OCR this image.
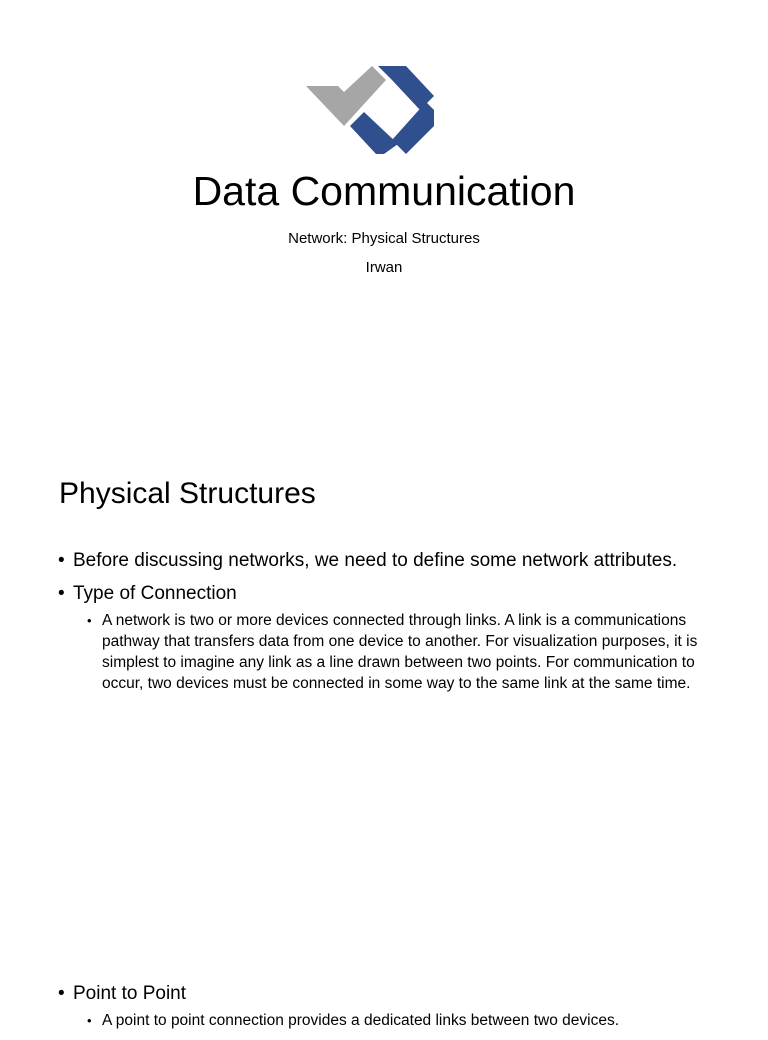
Data Communication
Network: Physical Structures
Irwan
Physical Structures
• Before discussing networks, we need to define some network attributes.
• Type of Connection
• A network is two or more devices connected through links. A link is a communications pathway that transfers data from one device to another. For visualization purposes, it is simplest to imagine any link as a line drawn between two points. For communication to occur, two devices must be connected in some way to the same link at the same time.
• Point to Point
• A point to point connection provides a dedicated links between two devices.
